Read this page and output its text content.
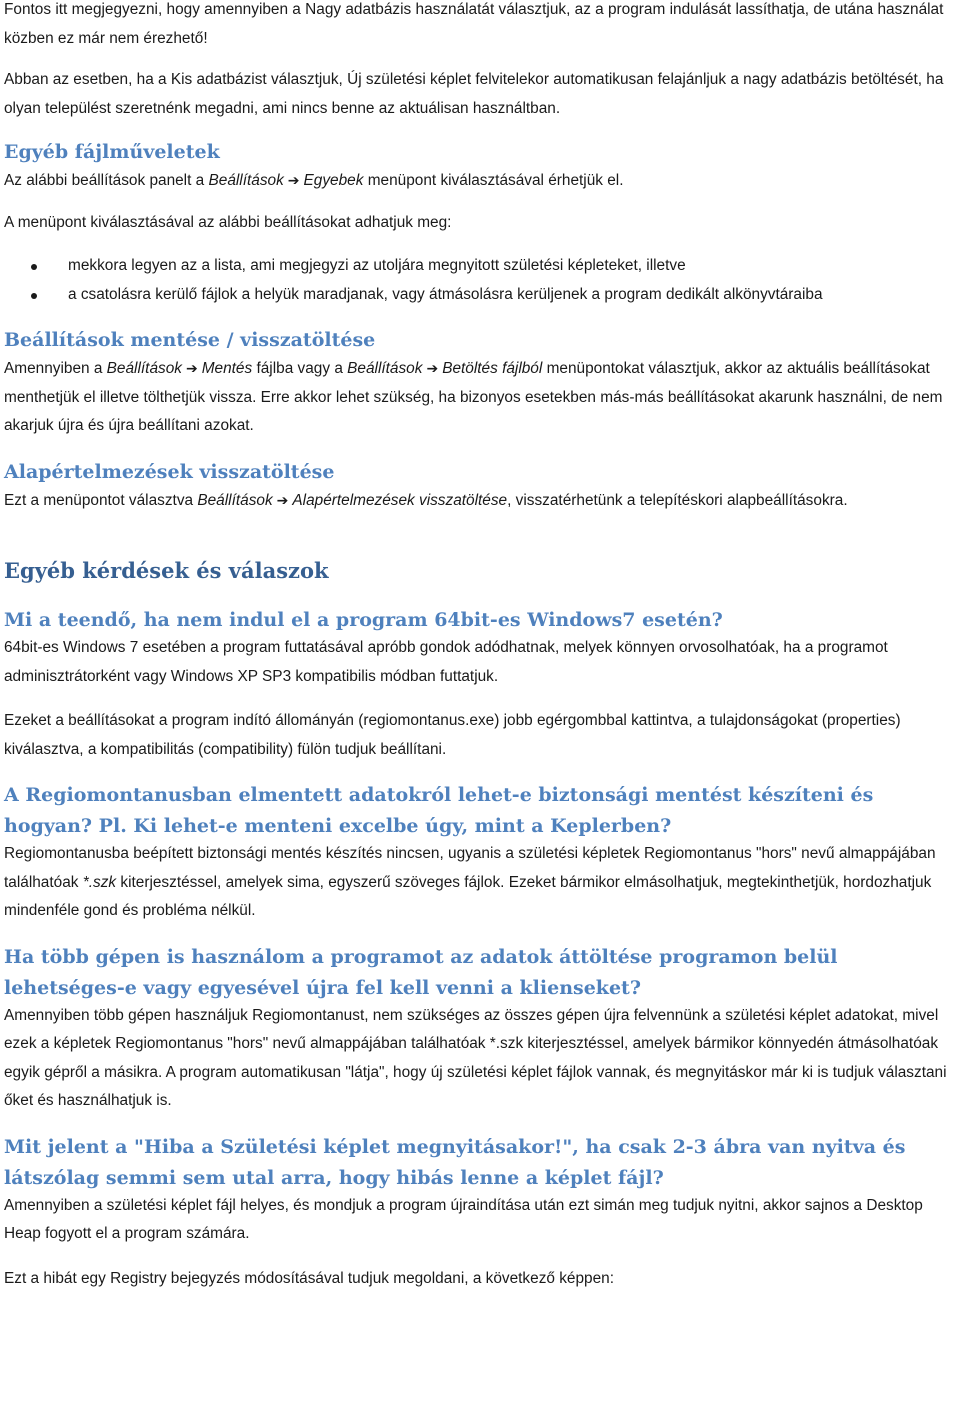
Fontos itt megjegyezni, hogy amennyiben a Nagy adatbázis használatát választjuk, az a program indulását lassíthatja, de utána használat közben ez már nem érezhető!

Abban az esetben, ha a Kis adatbázist választjuk, Új születési képlet felvitelekor automatikusan felajánljuk a nagy adatbázis betöltését, ha olyan települést szeretnénk megadni, ami nincs benne az aktuálisan használtban.

Egyéb fájlműveletek

Az alábbi beállítások panelt a Beállítások ➔ Egyebek menüpont kiválasztásával érhetjük el.

A menüpont kiválasztásával az alábbi beállításokat adhatjuk meg:

mekkora legyen az a lista, ami megjegyzi az utoljára megnyitott születési képleteket, illetve
a csatolásra kerülő fájlok a helyük maradjanak, vagy átmásolásra kerüljenek a program dedikált alkönyvtáraiba
Beállítások mentése / visszatöltése

Amennyiben a Beállítások ➔ Mentés fájlba vagy a Beállítások ➔ Betöltés fájlból menüpontokat választjuk, akkor az aktuális beállításokat menthetjük el illetve tölthetjük vissza. Erre akkor lehet szükség, ha bizonyos esetekben más-más beállításokat akarunk használni, de nem akarjuk újra és újra beállítani azokat.

Alapértelmezések visszatöltése

Ezt a menüpontot választva Beállítások ➔ Alapértelmezések visszatöltése, visszatérhetünk a telepítéskori alapbeállításokra.

Egyéb kérdések és válaszok
Mi a teendő, ha nem indul el a program 64bit-es Windows7 esetén?

64bit-es Windows 7 esetében a program futtatásával apróbb gondok adódhatnak, melyek könnyen orvosolhatóak, ha a programot adminisztrátorként vagy Windows XP SP3 kompatibilis módban futtatjuk.

Ezeket a beállításokat a program indító állományán (regiomontanus.exe) jobb egérgombbal kattintva, a tulajdonságokat (properties) kiválasztva, a kompatibilitás (compatibility) fülön tudjuk beállítani.

A Regiomontanusban elmentett adatokról lehet-e biztonsági mentést készíteni és hogyan? Pl. Ki lehet-e menteni excelbe úgy, mint a Keplerben?

Regiomontanusba beépített biztonsági mentés készítés nincsen, ugyanis a születési képletek Regiomontanus "hors" nevű almappájában találhatóak *.szk kiterjesztéssel, amelyek sima, egyszerű szöveges fájlok. Ezeket bármikor elmásolhatjuk, megtekinthetjük, hordozhatjuk mindenféle gond és probléma nélkül.

Ha több gépen is használom a programot az adatok áttöltése programon belül lehetséges-e vagy egyesével újra fel kell venni a klienseket?

Amennyiben több gépen használjuk Regiomontanust, nem szükséges az összes gépen újra felvennünk a születési képlet adatokat, mivel ezek a képletek Regiomontanus "hors" nevű almappájában találhatóak *.szk kiterjesztéssel, amelyek bármikor könnyedén átmásolhatóak egyik gépről a másikra. A program automatikusan "látja", hogy új születési képlet fájlok vannak, és megnyitáskor már ki is tudjuk választani őket és használhatjuk is.

Mit jelent a "Hiba a Születési képlet megnyitásakor!", ha csak 2-3 ábra van nyitva és látszólag semmi sem utal arra, hogy hibás lenne a képlet fájl?

Amennyiben a születési képlet fájl helyes, és mondjuk a program újraindítása után ezt simán meg tudjuk nyitni, akkor sajnos a Desktop Heap fogyott el a program számára.

Ezt a hibát egy Registry bejegyzés módosításával tudjuk megoldani, a következő képpen:
